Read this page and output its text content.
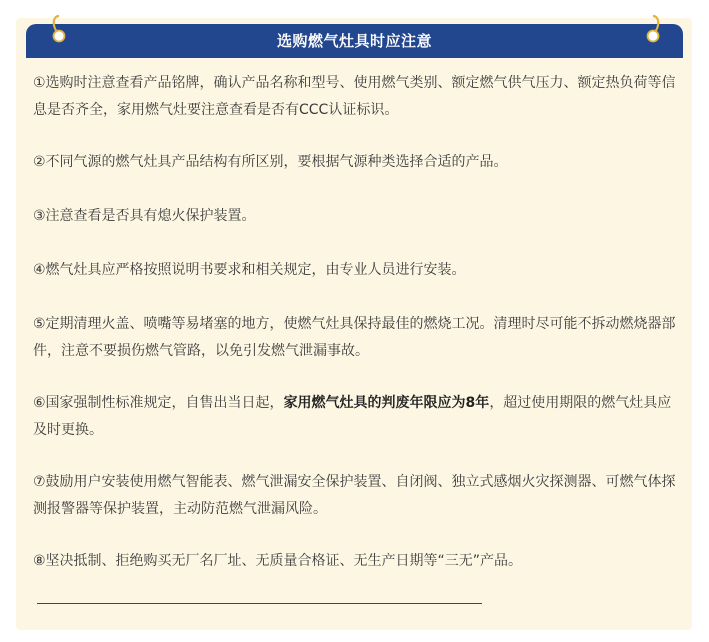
选购燃气灶具时应注意

①选购时注意查看产品铭牌，确认产品名称和型号、使用燃气类别、额定燃气供气压力、额定热负荷等信息是否齐全，家用燃气灶要注意查看是否有CCC认证标识。

②不同气源的燃气灶具产品结构有所区别，要根据气源种类选择合适的产品。

③注意查看是否具有熄火保护装置。

④燃气灶具应严格按照说明书要求和相关规定，由专业人员进行安装。

⑤定期清理火盖、喷嘴等易堵塞的地方，使燃气灶具保持最佳的燃烧工况。清理时尽可能不拆动燃烧器部件，注意不要损伤燃气管路，以免引发燃气泄漏事故。

⑥国家强制性标准规定，自售出当日起，家用燃气灶具的判废年限应为8年，超过使用期限的燃气灶具应及时更换。

⑦鼓励用户安装使用燃气智能表、燃气泄漏安全保护装置、自闭阀、独立式感烟火灾探测器、可燃气体探测报警器等保护装置，主动防范燃气泄漏风险。

⑧坚决抵制、拒绝购买无厂名厂址、无质量合格证、无生产日期等“三无”产品。
